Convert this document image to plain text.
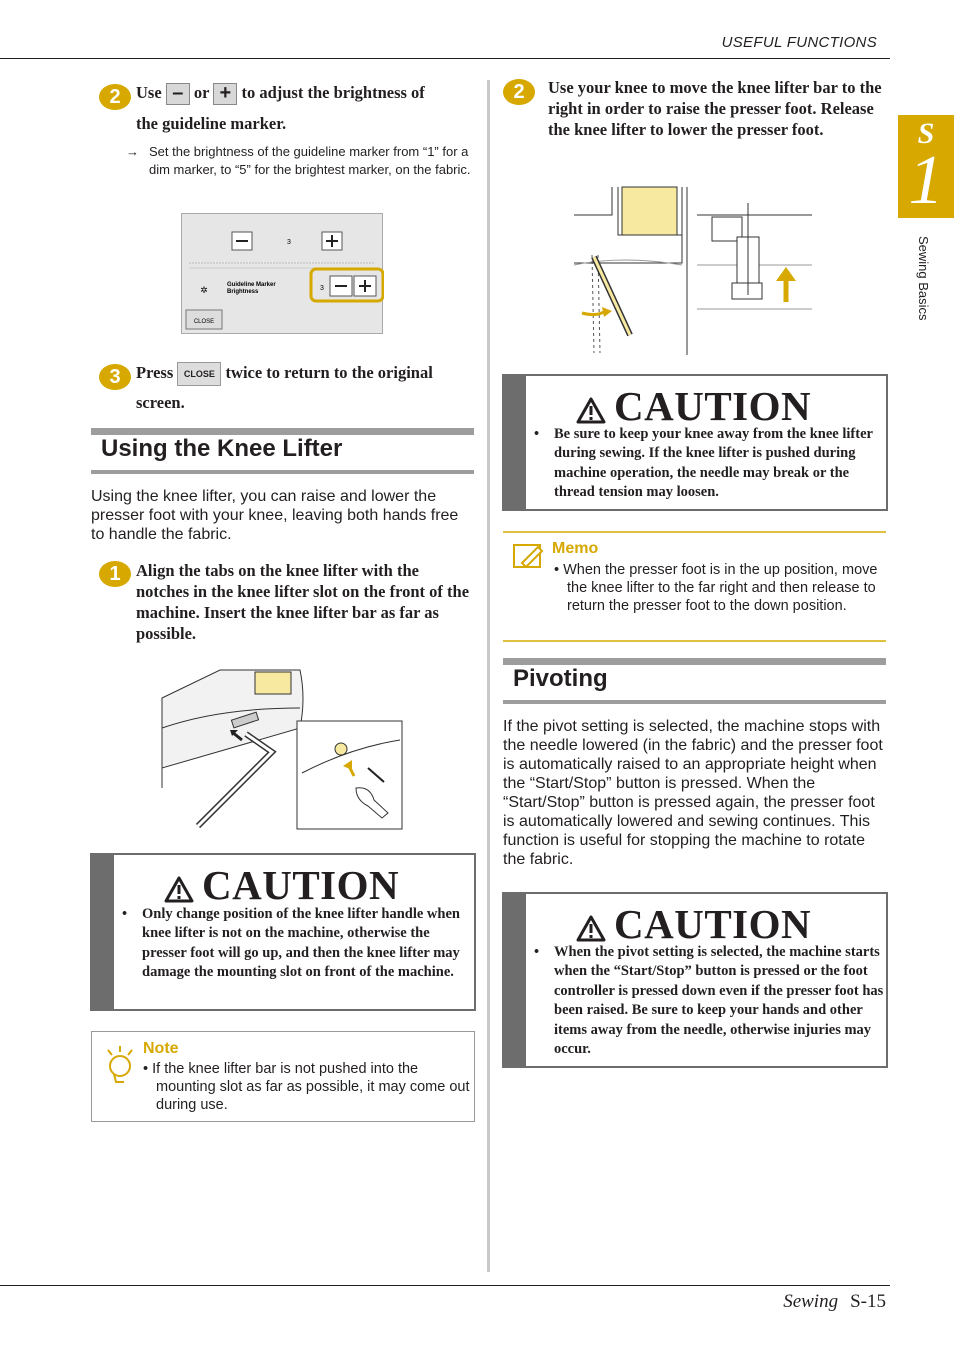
USEFUL FUNCTIONS
S
1
Sewing Basics
2 Use – or + to adjust the brightness of
the guideline marker.
→ Set the brightness of the guideline marker from “1” for a dim marker, to “5” for the brightest marker, on the fabric.
3
✲	Guideline Marker
Brightness	3
CLOSE
3 Press CLOSE twice to return to the original
screen.
Using the Knee Lifter
Using the knee lifter, you can raise and lower the presser foot with your knee, leaving both hands free to handle the fabric.
1 Align the tabs on the knee lifter with the notches in the knee lifter slot on the front of the machine. Insert the knee lifter bar as far as possible.
CAUTION
• Only change position of the knee lifter handle when knee lifter is not on the machine, otherwise the presser foot will go up, and then the knee lifter may damage the mounting slot on front of the machine.
Note
• If the knee lifter bar is not pushed into the mounting slot as far as possible, it may come out during use.
2	Use your knee to move the knee lifter bar to the right in order to raise the presser foot. Release the knee lifter to lower the presser foot.
CAUTION
• Be sure to keep your knee away from the knee lifter during sewing. If the knee lifter is pushed during machine operation, the needle may break or the thread tension may loosen.
Memo
• When the presser foot is in the up position, move the knee lifter to the far right and then release to return the presser foot to the down position.
Pivoting
If the pivot setting is selected, the machine stops with the needle lowered (in the fabric) and the presser foot is automatically raised to an appropriate height when the “Start/Stop” button is pressed. When the “Start/Stop” button is pressed again, the presser foot is automatically lowered and sewing continues. This function is useful for stopping the machine to rotate the fabric.
CAUTION
• When the pivot setting is selected, the machine starts when the “Start/Stop” button is pressed or the foot controller is pressed down even if the presser foot has been raised. Be sure to keep your hands and other items away from the needle, otherwise injuries may occur.
Sewing S-15
